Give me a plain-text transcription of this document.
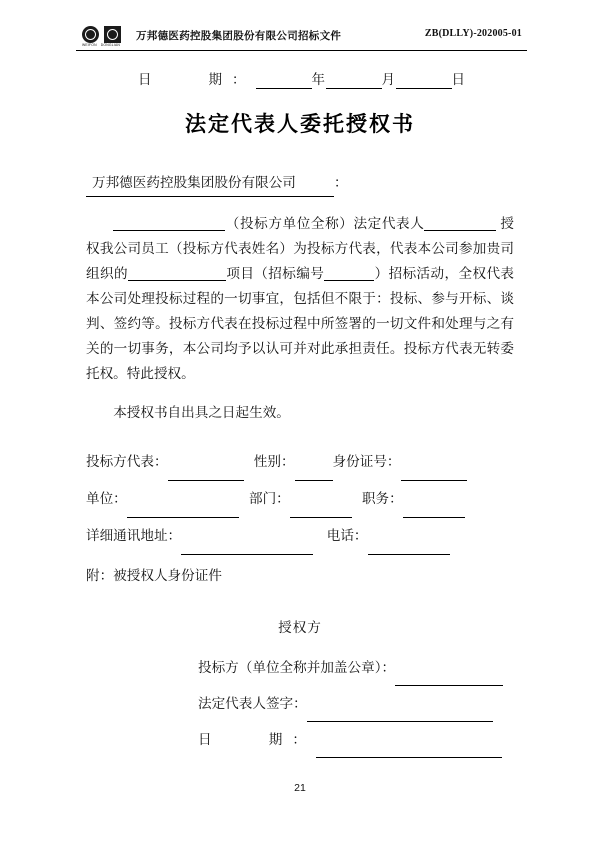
WEIFON DONGLIAN
万邦德医药控股集团股份有限公司招标文件	ZB(DLLY)-202005-01
日　　期：	年	月	日
法定代表人委托授权书
万邦德医药控股集团股份有限公司	：
（投标方单位全称）法定代表人	授权我公司员工（投标方代表姓名）为投标方代表，代表本公司参加贵司组织的	项目（招标编号	）招标活动，全权代表本公司处理投标过程的一切事宜，包括但不限于：投标、参与开标、谈判、签约等。投标方代表在投标过程中所签署的一切文件和处理与之有关的一切事务，本公司均予以认可并对此承担责任。投标方代表无转委托权。特此授权。
本授权书自出具之日起生效。
投标方代表：	性别：	身份证号：
单位：	部门：	职务：
详细通讯地址：	电话：
附：被授权人身份证件
授权方
投标方（单位全称并加盖公章）：
法定代表人签字：
日　　期：
21
